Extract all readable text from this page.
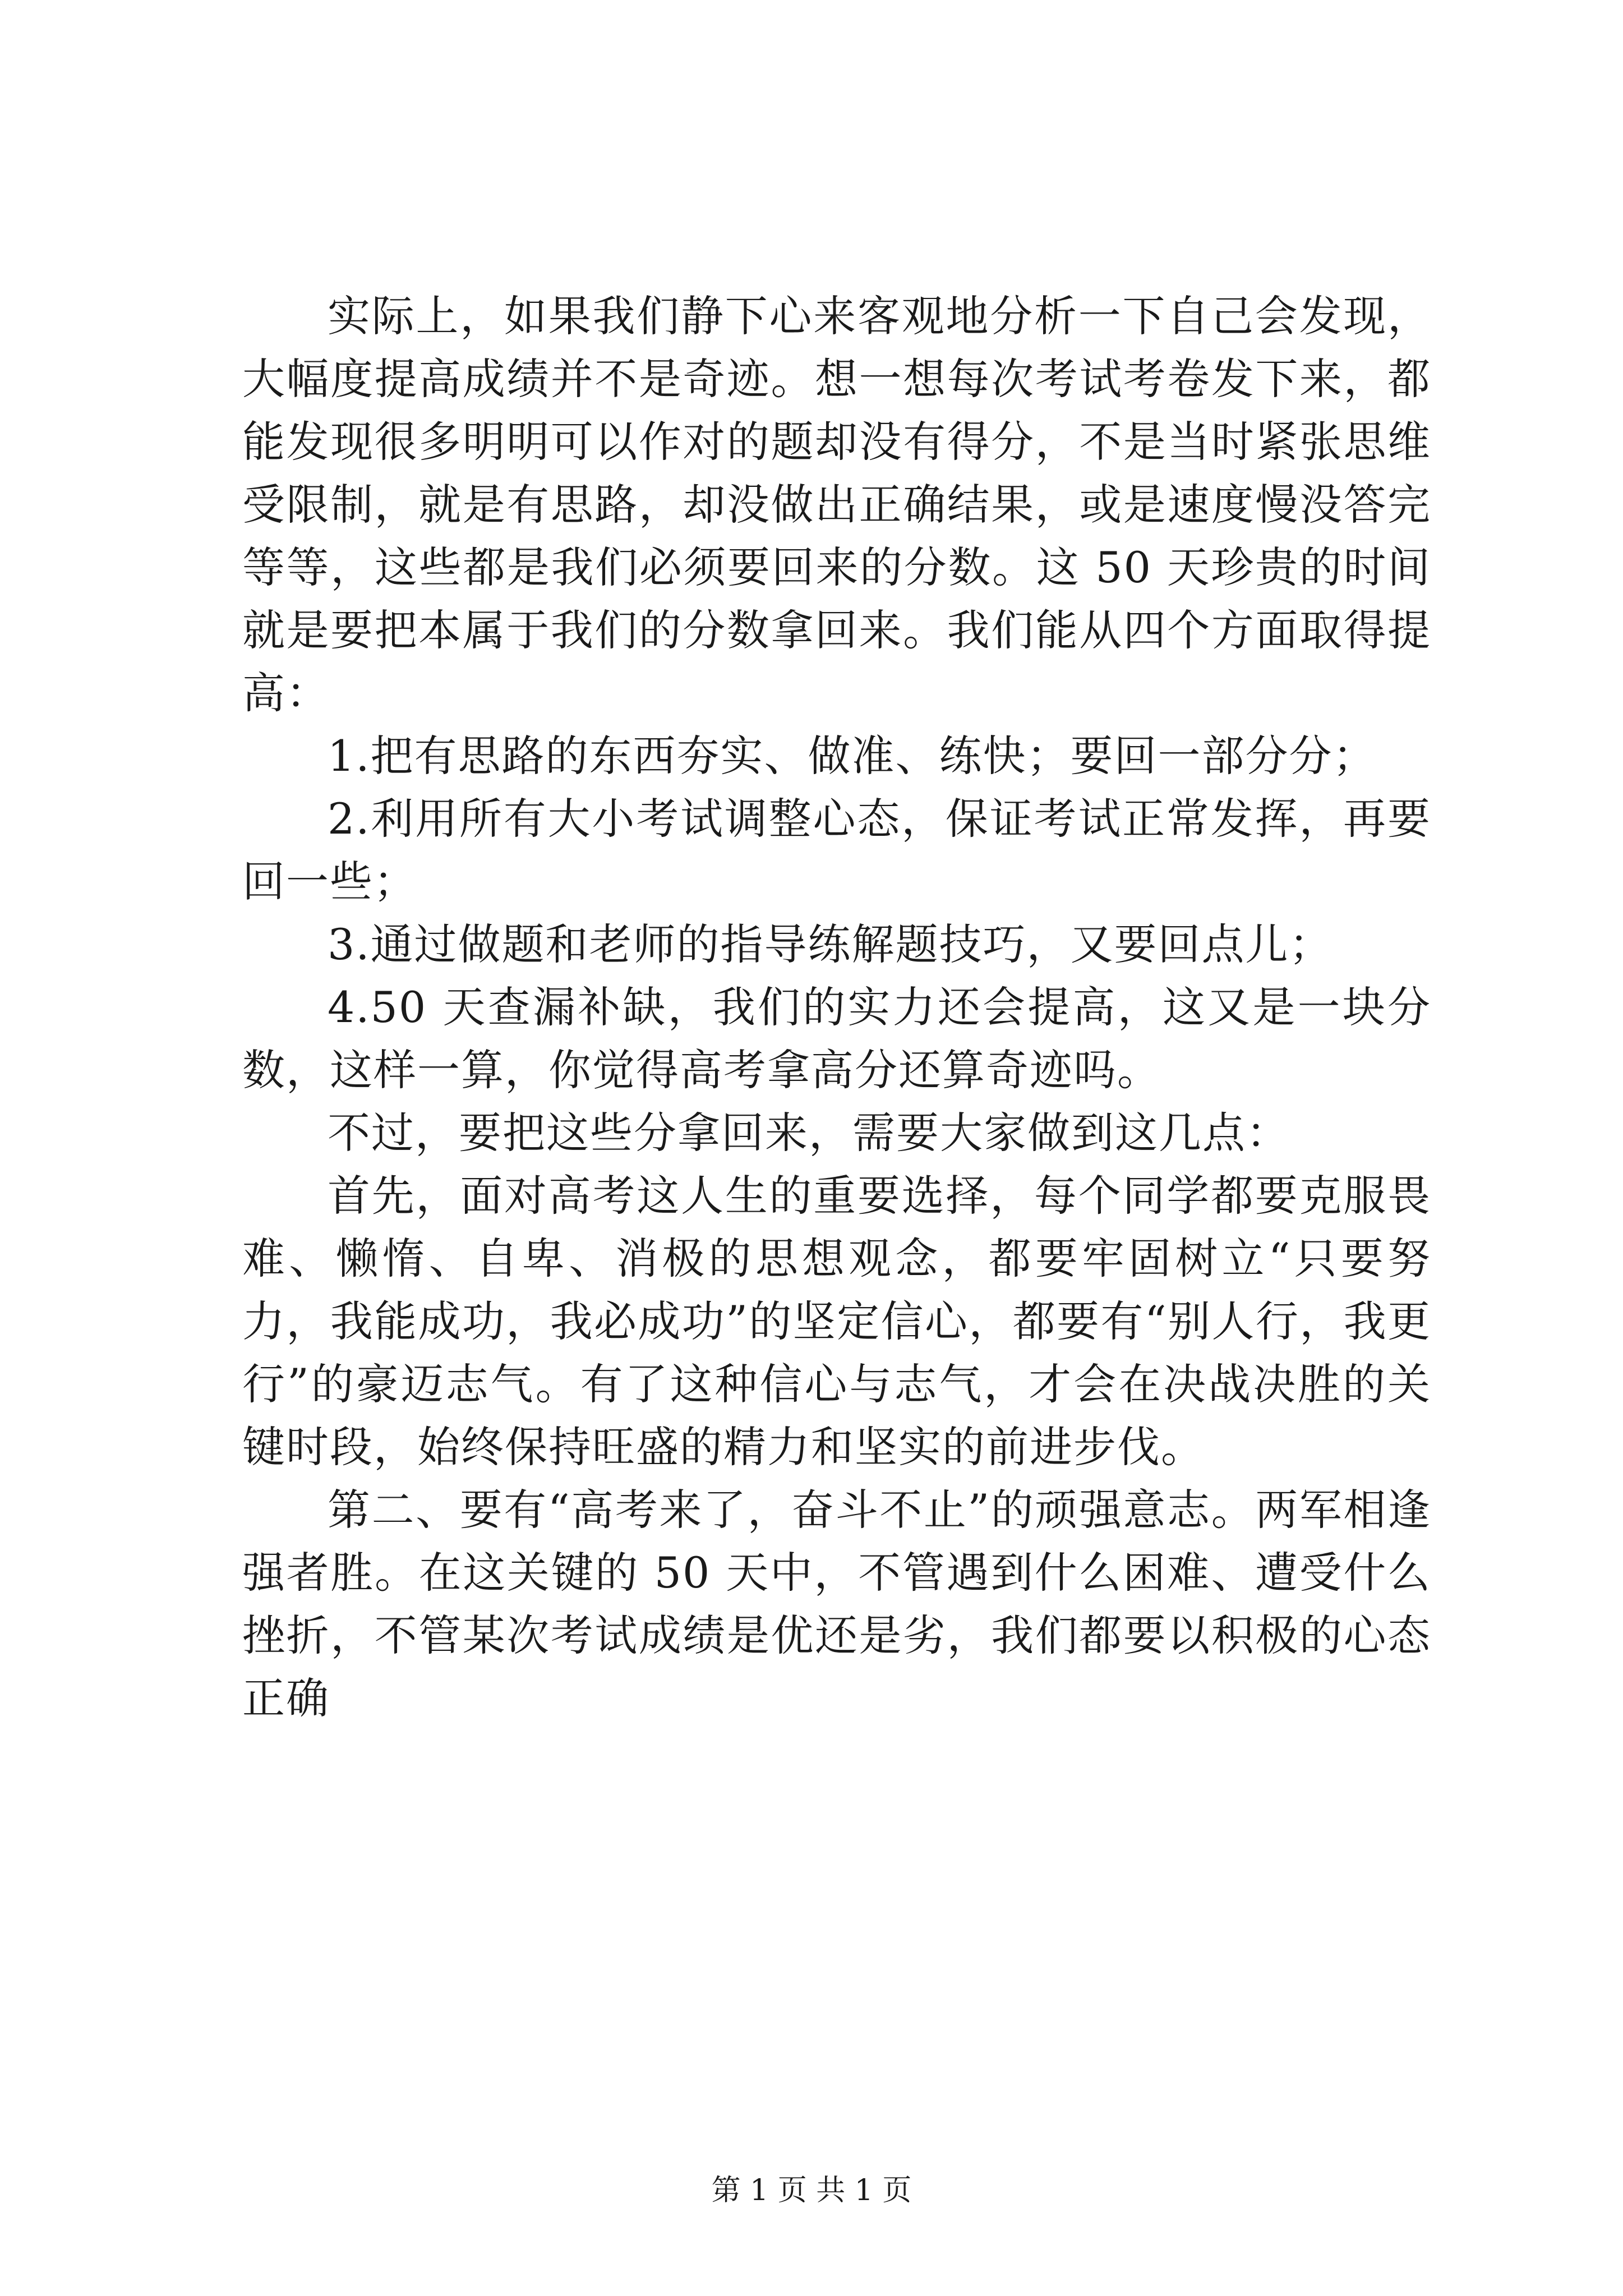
实际上，如果我们静下心来客观地分析一下自己会发现，大幅度提高成绩并不是奇迹。想一想每次考试考卷发下来，都能发现很多明明可以作对的题却没有得分，不是当时紧张思维受限制，就是有思路，却没做出正确结果，或是速度慢没答完等等，这些都是我们必须要回来的分数。这 50 天珍贵的时间就是要把本属于我们的分数拿回来。我们能从四个方面取得提高：

1.把有思路的东西夯实、做准、练快；要回一部分分；

2.利用所有大小考试调整心态，保证考试正常发挥，再要回一些；

3.通过做题和老师的指导练解题技巧，又要回点儿；

4.50 天查漏补缺，我们的实力还会提高，这又是一块分数，这样一算，你觉得高考拿高分还算奇迹吗。

不过，要把这些分拿回来，需要大家做到这几点：

首先，面对高考这人生的重要选择，每个同学都要克服畏难、懒惰、自卑、消极的思想观念，都要牢固树立“只要努力，我能成功，我必成功”的坚定信心，都要有“别人行，我更行”的豪迈志气。有了这种信心与志气，才会在决战决胜的关键时段，始终保持旺盛的精力和坚实的前进步伐。

第二、要有“高考来了，奋斗不止”的顽强意志。两军相逢强者胜。在这关键的 50 天中，不管遇到什么困难、遭受什么挫折，不管某次考试成绩是优还是劣，我们都要以积极的心态正确

第 1 页 共 1 页
